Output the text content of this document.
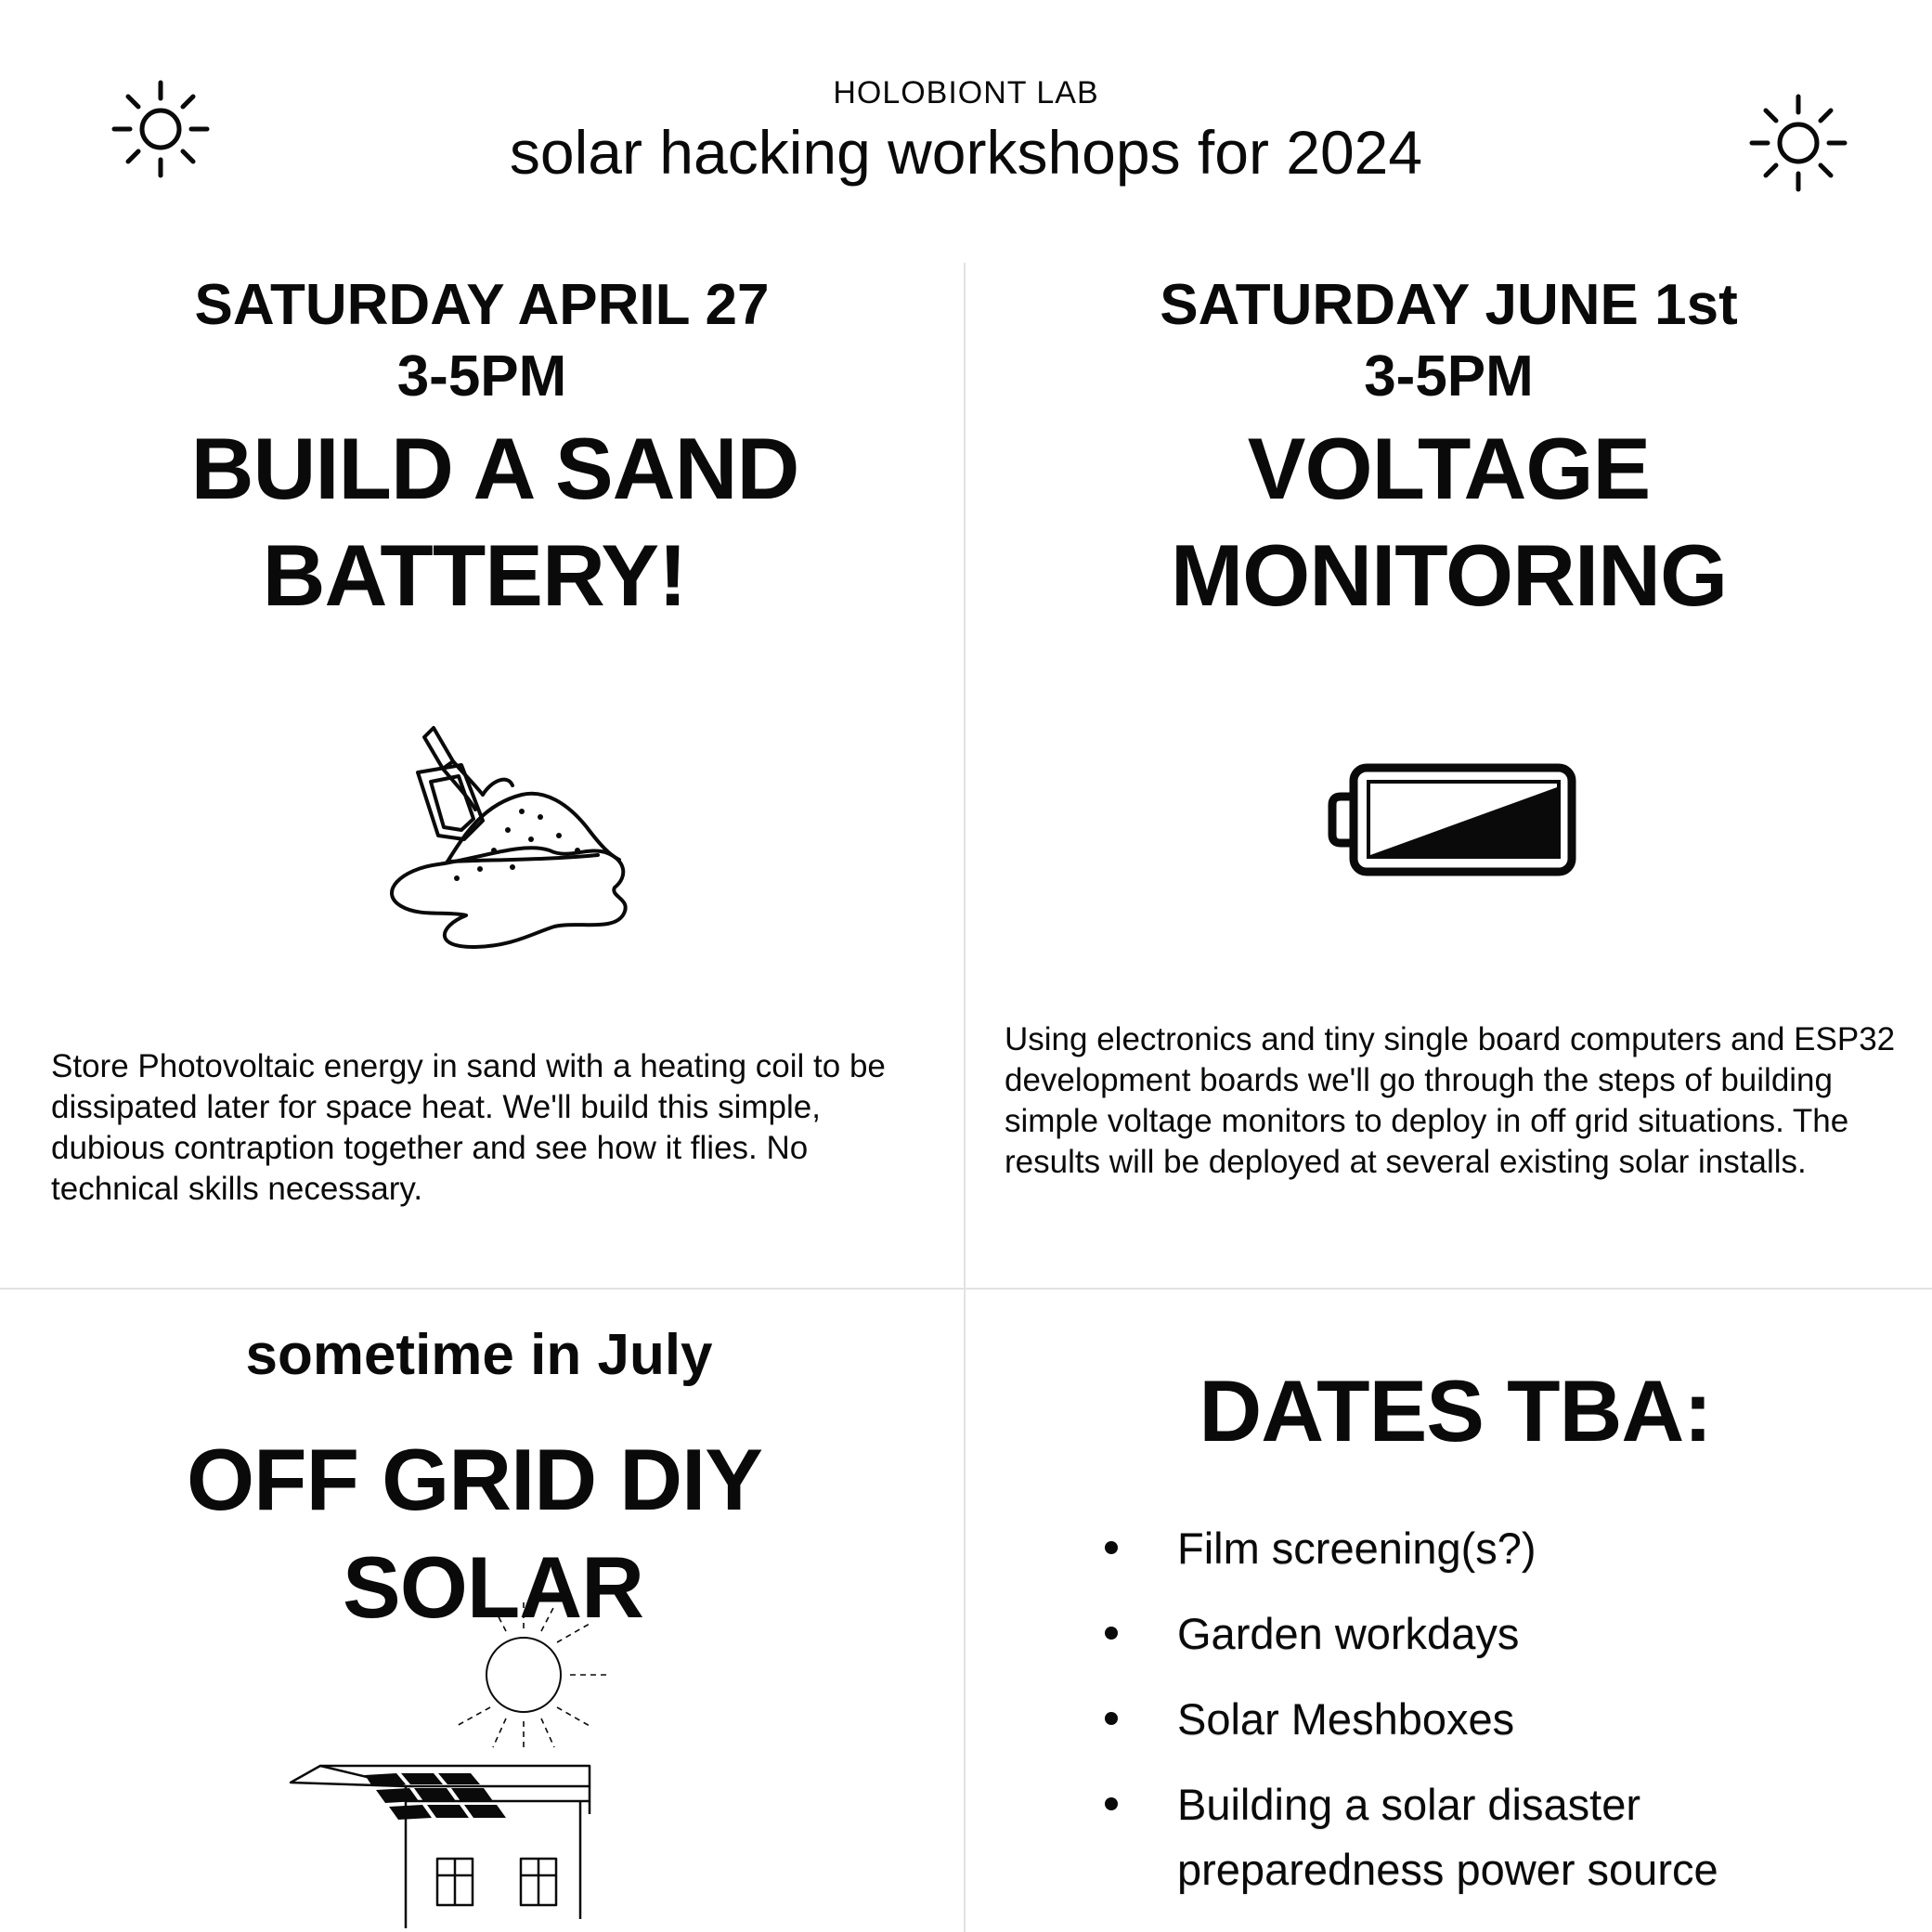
HOLOBIONT LAB
solar hacking workshops for 2024
SATURDAY APRIL 27
3-5PM
BUILD A SAND
BATTERY!
Store Photovoltaic energy in sand with a heating coil to be dissipated later for space heat. We'll build this simple, dubious contraption together and see how it flies. No technical skills necessary.
SATURDAY JUNE 1st
3-5PM
VOLTAGE
MONITORING
Using electronics and tiny single board computers and ESP32 development boards we'll go through the steps of building simple voltage monitors to deploy in off grid situations. The results will be deployed at several existing solar installs.
sometime in July
OFF GRID DIY
SOLAR
DATES TBA:
Film screening(s?)
Garden workdays
Solar Meshboxes
Building a solar disaster preparedness power source
